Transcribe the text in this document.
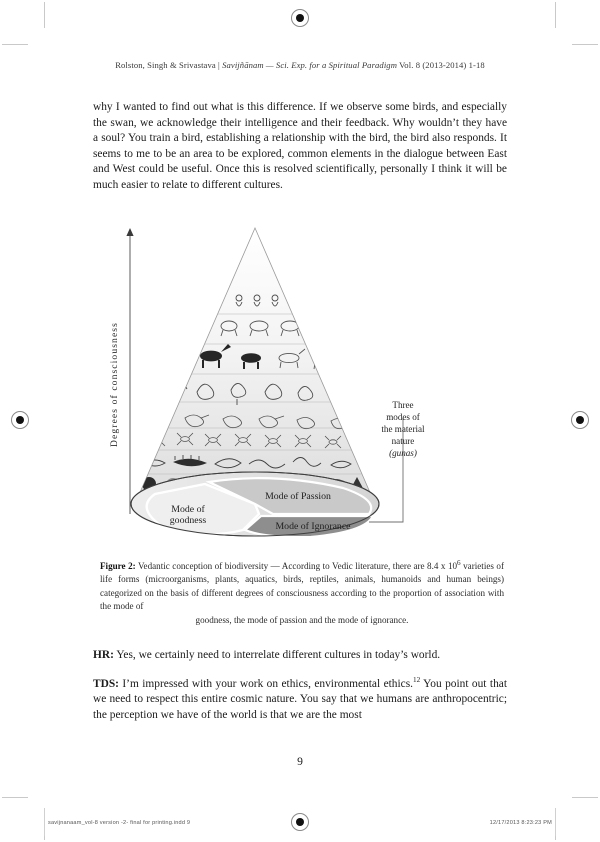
Rolston, Singh & Srivastava | Savijñānam — Sci. Exp. for a Spiritual Paradigm Vol. 8 (2013-2014) 1-18

why I wanted to find out what is this difference. If we observe some birds, and especially the swan, we acknowledge their intelligence and their feedback. Why wouldn’t they have a soul? You train a bird, establishing a relationship with the bird, the bird also responds. It seems to me to be an area to be explored, common elements in the dialogue between East and West could be useful. Once this is resolved scientifically, personally I think it will be much easier to relate to different cultures.

Degrees of consciousness
Mode of
goodness
Mode of Passion
Mode of Ignorance
Three
modes of
the material
nature
(gunas)
Figure 2: Vedantic conception of biodiversity — According to Vedic literature, there are 8.4 x $10^6$ varieties of life forms (microorganisms, plants, aquatics, birds, reptiles, animals, humanoids and human beings) categorized on the basis of different degrees of consciousness according to the proportion of association with the mode of
goodness, the mode of passion and the mode of ignorance.

HR: Yes, we certainly need to interrelate different cultures in today’s world.

TDS: I’m impressed with your work on ethics, environmental ethics.$^{12}$ You point out that we need to respect this entire cosmic nature. You say that we humans are anthropocentric; the perception we have of the world is that we are the most

9
savijnanaam_vol-8 version -2- final for printing.indd 9	12/17/2013 8:23:23 PM
